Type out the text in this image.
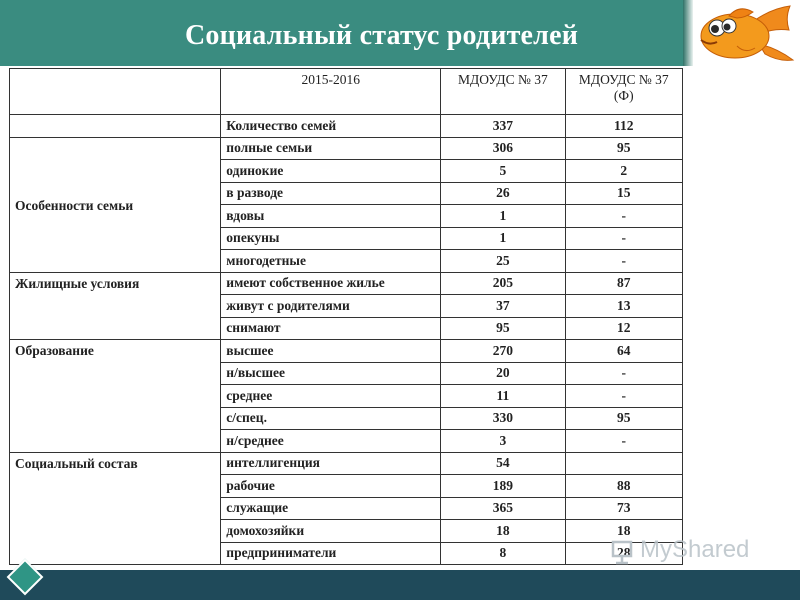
Социальный статус родителей
	2015-2016	МДОУДС № 37	МДОУДС № 37 (Ф)
	Количество семей	337	112
Особенности семьи	полные семьи	306	95
	одинокие	5	2
	в разводе	26	15
	вдовы	1	-
	опекуны	1	-
	многодетные	25	-
Жилищные условия	имеют собственное жилье	205	87
	живут с родителями	37	13
	снимают	95	12
Образование	высшее	270	64
	н/высшее	20	-
	среднее	11	-
	с/спец.	330	95
	н/среднее	3	-
Социальный состав	интеллигенция	54	
	рабочие	189	88
	служащие	365	73
	домохозяйки	18	18
	предприниматели	8	28 MyShared
